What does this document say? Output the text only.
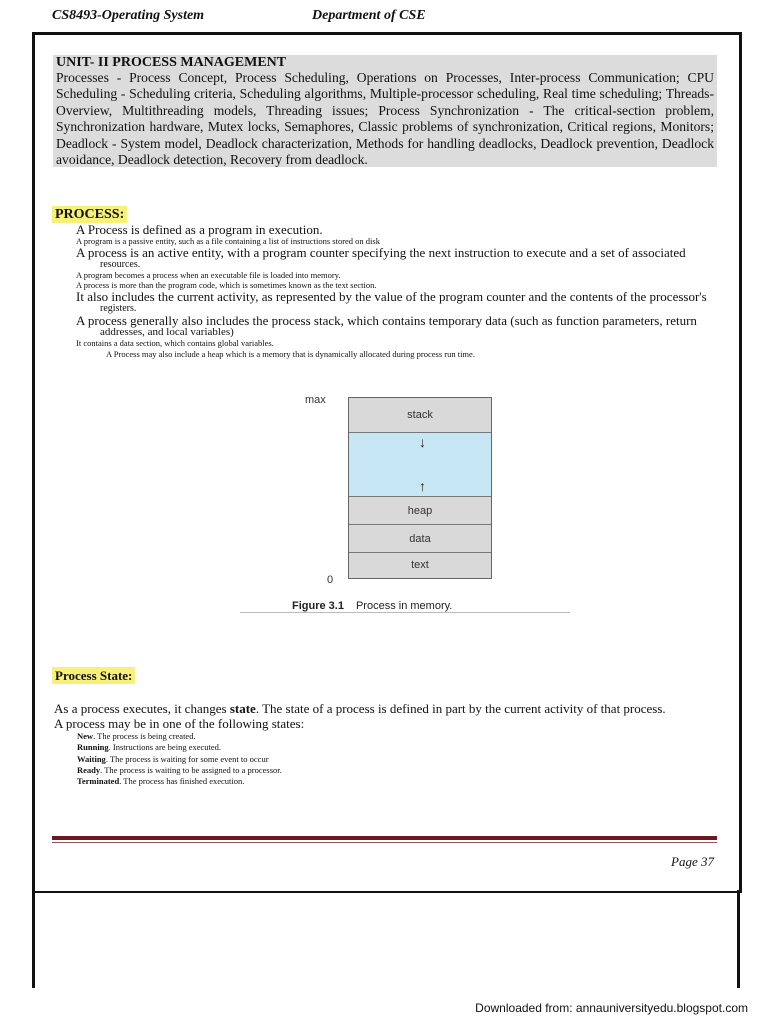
CS8493-Operating System	Department of CSE
UNIT- II PROCESS MANAGEMENT
Processes - Process Concept, Process Scheduling, Operations on Processes, Inter-process Communication; CPU Scheduling - Scheduling criteria, Scheduling algorithms, Multiple-processor scheduling, Real time scheduling; Threads- Overview, Multithreading models, Threading issues; Process Synchronization - The critical-section problem, Synchronization hardware, Mutex locks, Semaphores, Classic problems of synchronization, Critical regions, Monitors; Deadlock - System model, Deadlock characterization, Methods for handling deadlocks, Deadlock prevention, Deadlock avoidance, Deadlock detection, Recovery from deadlock.
PROCESS:

A Process is defined as a program in execution.

A program is a passive entity, such as a file containing a list of instructions stored on disk

A process is an active entity, with a program counter specifying the next instruction to execute and a set of associated

resources.

A program becomes a process when an executable file is loaded into memory.

A process is more than the program code, which is sometimes known as the text section.

It also includes the current activity, as represented by the value of the program counter and the contents of the processor's

registers.

A process generally also includes the process stack, which contains temporary data (such as function parameters, return

addresses, and local variables)

It contains a data section, which contains global variables.

A Process may also include a heap which is a memory that is dynamically allocated during process run time.

max
stack
↓
↑
heap
data
text
0
Figure 3.1 Process in memory.
Process State:
As a process executes, it changes state. The state of a process is defined in part by the current activity of that process.
A process may be in one of the following states:
New. The process is being created.
Running. Instructions are being executed.
Waiting. The process is waiting for some event to occur
Ready. The process is waiting to be assigned to a processor.
Terminated. The process has finished execution.
Page 37
Downloaded from: annauniversityedu.blogspot.com
